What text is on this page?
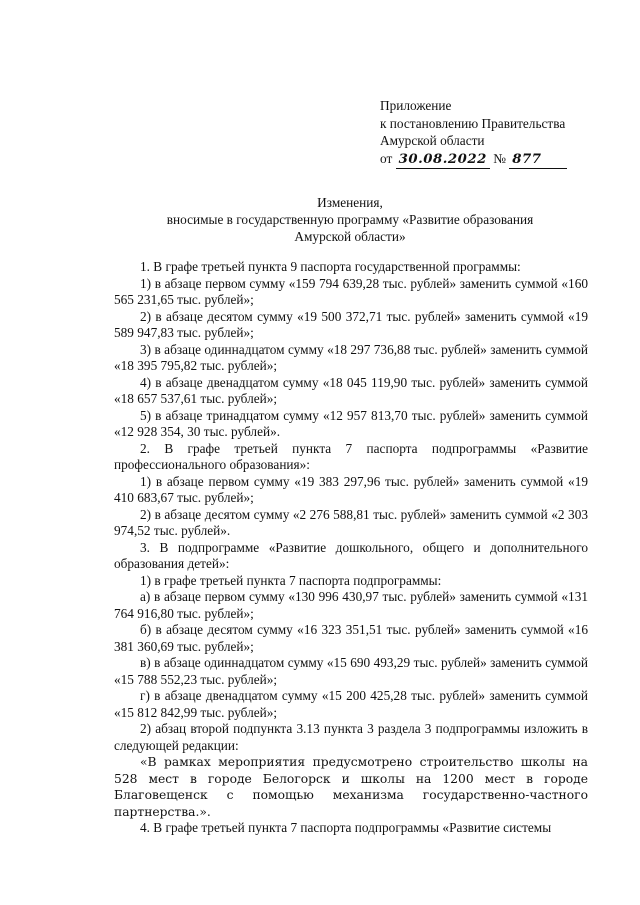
Приложение
к постановлению Правительства
Амурской области
от 30.08.2022 № 877
Изменения,
вносимые в государственную программу «Развитие образования
Амурской области»

1. В графе третьей пункта 9 паспорта государственной программы:

1) в абзаце первом сумму «159 794 639,28 тыс. рублей» заменить суммой «160 565 231,65 тыс. рублей»;

2) в абзаце десятом сумму «19 500 372,71 тыс. рублей» заменить суммой «19 589 947,83 тыс. рублей»;

3) в абзаце одиннадцатом сумму «18 297 736,88 тыс. рублей» заменить суммой «18 395 795,82 тыс. рублей»;

4) в абзаце двенадцатом сумму «18 045 119,90 тыс. рублей» заменить суммой «18 657 537,61 тыс. рублей»;

5) в абзаце тринадцатом сумму «12 957 813,70 тыс. рублей» заменить суммой «12 928 354, 30 тыс. рублей».

2. В графе третьей пункта 7 паспорта подпрограммы «Развитие профессионального образования»:

1) в абзаце первом сумму «19 383 297,96 тыс. рублей» заменить суммой «19 410 683,67 тыс. рублей»;

2) в абзаце десятом сумму «2 276 588,81 тыс. рублей» заменить суммой «2 303 974,52 тыс. рублей».

3. В подпрограмме «Развитие дошкольного, общего и дополнительного образования детей»:

1) в графе третьей пункта 7 паспорта подпрограммы:

а) в абзаце первом сумму «130 996 430,97 тыс. рублей» заменить суммой «131 764 916,80 тыс. рублей»;

б) в абзаце десятом сумму «16 323 351,51 тыс. рублей» заменить суммой «16 381 360,69 тыс. рублей»;

в) в абзаце одиннадцатом сумму «15 690 493,29 тыс. рублей» заменить суммой «15 788 552,23 тыс. рублей»;

г) в абзаце двенадцатом сумму «15 200 425,28 тыс. рублей» заменить суммой «15 812 842,99 тыс. рублей»;

2) абзац второй подпункта 3.13 пункта 3 раздела 3 подпрограммы изложить в следующей редакции:

«В рамках мероприятия предусмотрено строительство школы на 528 мест в городе Белогорск и школы на 1200 мест в городе Благовещенск с помощью механизма государственно-частного партнерства.».

4. В графе третьей пункта 7 паспорта подпрограммы «Развитие системы
